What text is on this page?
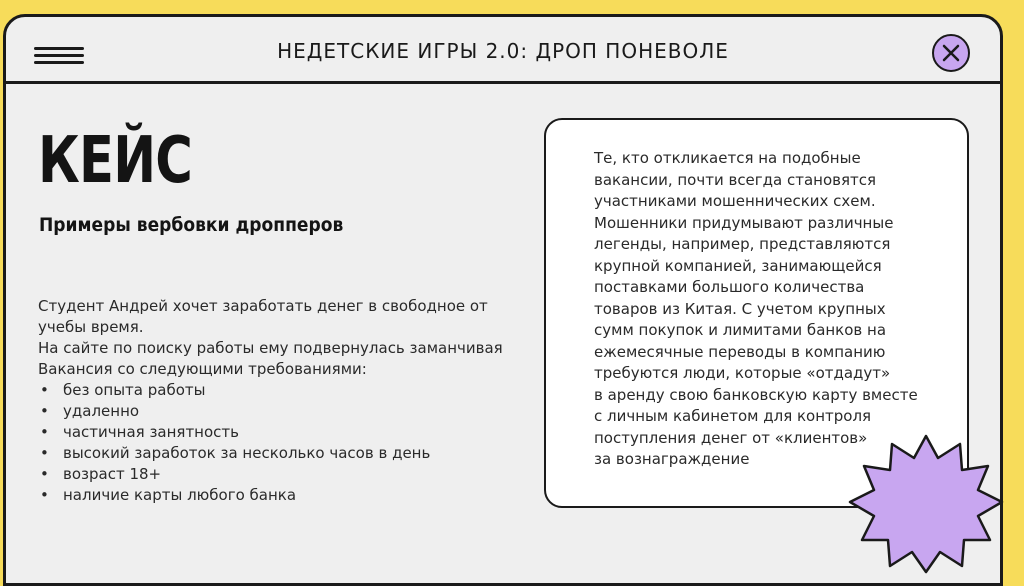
НЕДЕТСКИЕ ИГРЫ 2.0: ДРОП ПОНЕВОЛЕ
КЕЙС
Примеры вербовки дропперов

Студент Андрей хочет заработать денег в свободное от учебы время.

На сайте по поиску работы ему подвернулась заманчивая Вакансия со следующими требованиями:

• без опыта работы
• удаленно
• частичная занятность
• высокий заработок за несколько часов в день
• возраст 18+
• наличие карты любого банка
Те, кто откликается на подобные
вакансии, почти всегда становятся
участниками мошеннических схем.
Мошенники придумывают различные
легенды, например, представляются
крупной компанией, занимающейся
поставками большого количества
товаров из Китая. С учетом крупных
сумм покупок и лимитами банков на
ежемесячные переводы в компанию
требуются люди, которые «отдадут»
в аренду свою банковскую карту вместе
с личным кабинетом для контроля
поступления денег от «клиентов»
за вознаграждение
